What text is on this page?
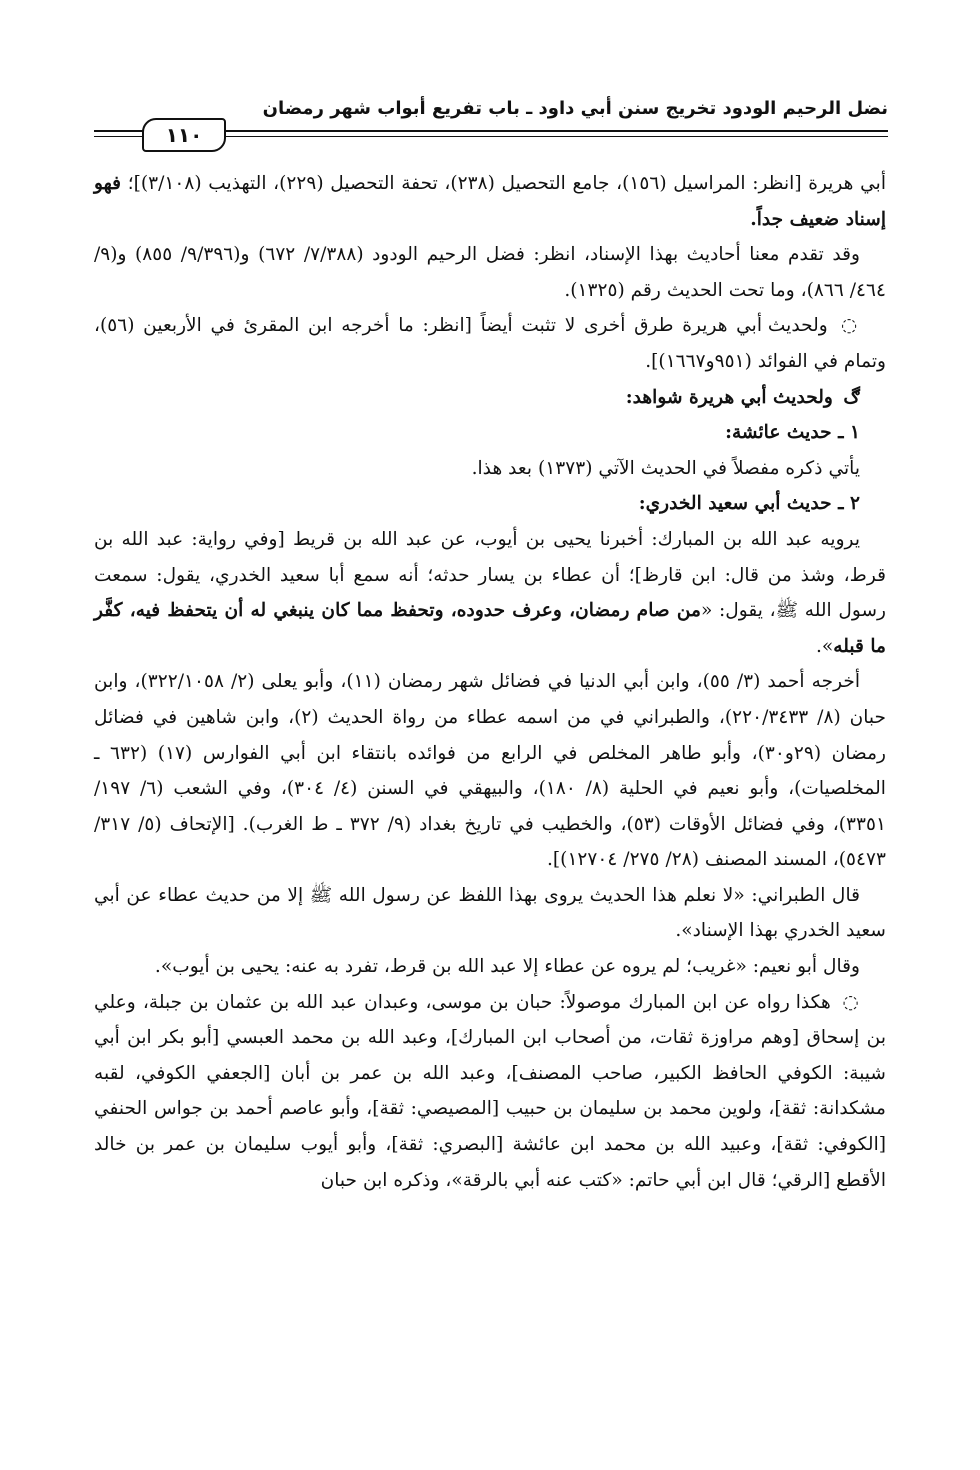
نضل الرحيم الودود تخريج سنن أبي داود ـ باب تفريع أبواب شهر رمضان
١١٠

أبي هريرة [انظر: المراسيل (١٥٦)، جامع التحصيل (٢٣٨)، تحفة التحصيل (٢٢٩)، التهذيب (٣/١٠٨)]؛ فهو إسناد ضعيف جداً.

وقد تقدم معنا أحاديث بهذا الإسناد، انظر: فضل الرحيم الودود (٧/٣٨٨/ ٦٧٢) و(٩/٣٩٦/ ٨٥٥) و(٩/ ٤٦٤/ ٨٦٦)، وما تحت الحديث رقم (١٣٢٥).

◌ ولحديث أبي هريرة طرق أخرى لا تثبت أيضاً [انظر: ما أخرجه ابن المقرئ في الأربعين (٥٦)، وتمام في الفوائد (٩٥١و١٦٦٧)].

ڰ ولحديث أبي هريرة شواهد:

١ ـ حديث عائشة:

يأتي ذكره مفصلاً في الحديث الآتي (١٣٧٣) بعد هذا.

٢ ـ حديث أبي سعيد الخدري:

يرويه عبد الله بن المبارك: أخبرنا يحيى بن أيوب، عن عبد الله بن قريط [وفي رواية: عبد الله بن قرط، وشذ من قال: ابن قارظ]؛ أن عطاء بن يسار حدثه؛ أنه سمع أبا سعيد الخدري، يقول: سمعت رسول الله ﷺ، يقول: «من صام رمضان، وعرف حدوده، وتحفظ مما كان ينبغي له أن يتحفظ فيه، كفَّر ما قبله».

أخرجه أحمد (٣/ ٥٥)، وابن أبي الدنيا في فضائل شهر رمضان (١١)، وأبو يعلى (٢/ ٣٢٢/١٠٥٨)، وابن حبان (٨/ ٢٢٠/٣٤٣٣)، والطبراني في من اسمه عطاء من رواة الحديث (٢)، وابن شاهين في فضائل رمضان (٢٩و٣٠)، وأبو طاهر المخلص في الرابع من فوائده بانتقاء ابن أبي الفوارس (١٧) (٦٣٢ ـ المخلصيات)، وأبو نعيم في الحلية (٨/ ١٨٠)، والبيهقي في السنن (٤/ ٣٠٤)، وفي الشعب (٦/ ١٩٧/ ٣٣٥١)، وفي فضائل الأوقات (٥٣)، والخطيب في تاريخ بغداد (٩/ ٣٧٢ ـ ط الغرب). [الإتحاف (٥/ ٣١٧/ ٥٤٧٣)، المسند المصنف (٢٨/ ٢٧٥/ ١٢٧٠٤)].

قال الطبراني: «لا نعلم هذا الحديث يروى بهذا اللفظ عن رسول الله ﷺ إلا من حديث عطاء عن أبي سعيد الخدري بهذا الإسناد».

وقال أبو نعيم: «غريب؛ لم يروه عن عطاء إلا عبد الله بن قرط، تفرد به عنه: يحيى بن أيوب».

◌ هكذا رواه عن ابن المبارك موصولاً: حبان بن موسى، وعبدان عبد الله بن عثمان بن جبلة، وعلي بن إسحاق [وهم مراوزة ثقات، من أصحاب ابن المبارك]، وعبد الله بن محمد العبسي [أبو بكر ابن أبي شيبة: الكوفي الحافظ الكبير، صاحب المصنف]، وعبد الله بن عمر بن أبان [الجعفي الكوفي، لقبه مشكدانة: ثقة]، ولوين محمد بن سليمان بن حبيب [المصيصي: ثقة]، وأبو عاصم أحمد بن جواس الحنفي [الكوفي: ثقة]، وعبيد الله بن محمد ابن عائشة [البصري: ثقة]، وأبو أيوب سليمان بن عمر بن خالد الأقطع [الرقي؛ قال ابن أبي حاتم: «كتب عنه أبي بالرقة»، وذكره ابن حبان
